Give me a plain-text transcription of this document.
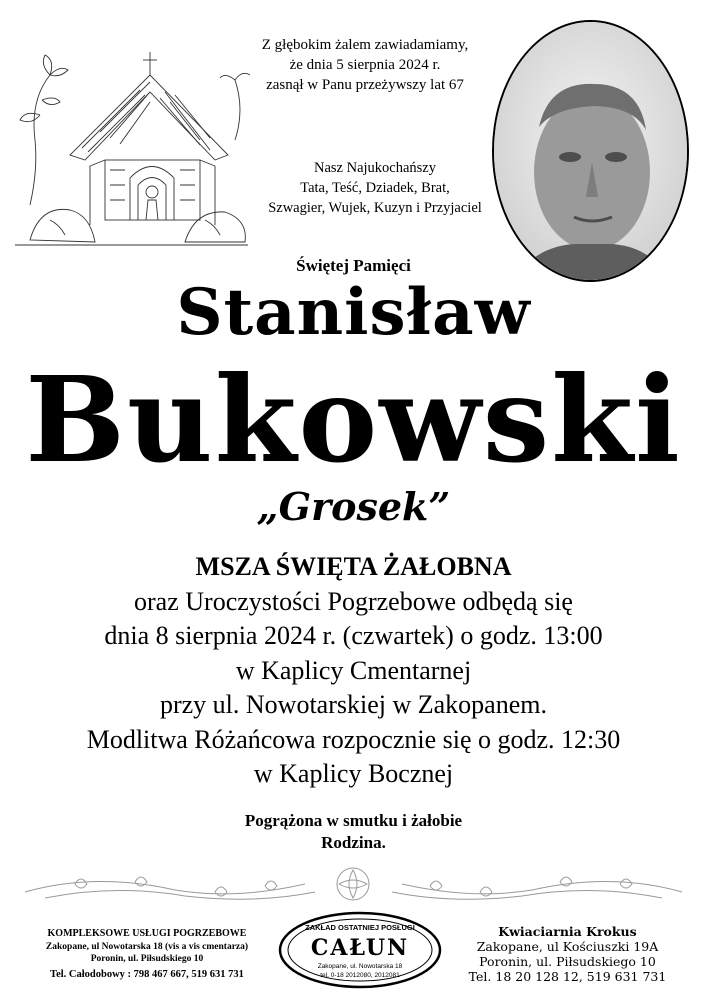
Z głębokim żalem zawiadamiamy,
że dnia 5 sierpnia 2024 r.
zasnął w Panu przeżywszy lat 67
Nasz Najukochańszy
Tata, Teść, Dziadek, Brat,
Szwagier, Wujek, Kuzyn i Przyjaciel
Świętej Pamięci
Stanisław
Bukowski
„Grosek”
MSZA ŚWIĘTA ŻAŁOBNA
oraz Uroczystości Pogrzebowe odbędą się
dnia 8 sierpnia 2024 r. (czwartek) o godz. 13:00
w Kaplicy Cmentarnej
przy ul. Nowotarskiej w Zakopanem.
Modlitwa Różańcowa rozpocznie się o godz. 12:30
w Kaplicy Bocznej
Pogrążona w smutku i żałobie
Rodzina.
KOMPLEKSOWE USŁUGI POGRZEBOWE
Zakopane, ul Nowotarska 18 (vis a vis cmentarza)
Poronin, ul. Piłsudskiego 10
Tel. Całodobowy : 798 467 667, 519 631 731
ZAKŁAD OSTATNIEJ POSŁUGI
CAŁUN
Zakopane, ul. Nowotarska 18
tel. 0-18 2012080, 2012081
Kwiaciarnia Krokus
Zakopane, ul Kościuszki 19A
Poronin, ul. Piłsudskiego 10
Tel. 18 20 128 12, 519 631 731
